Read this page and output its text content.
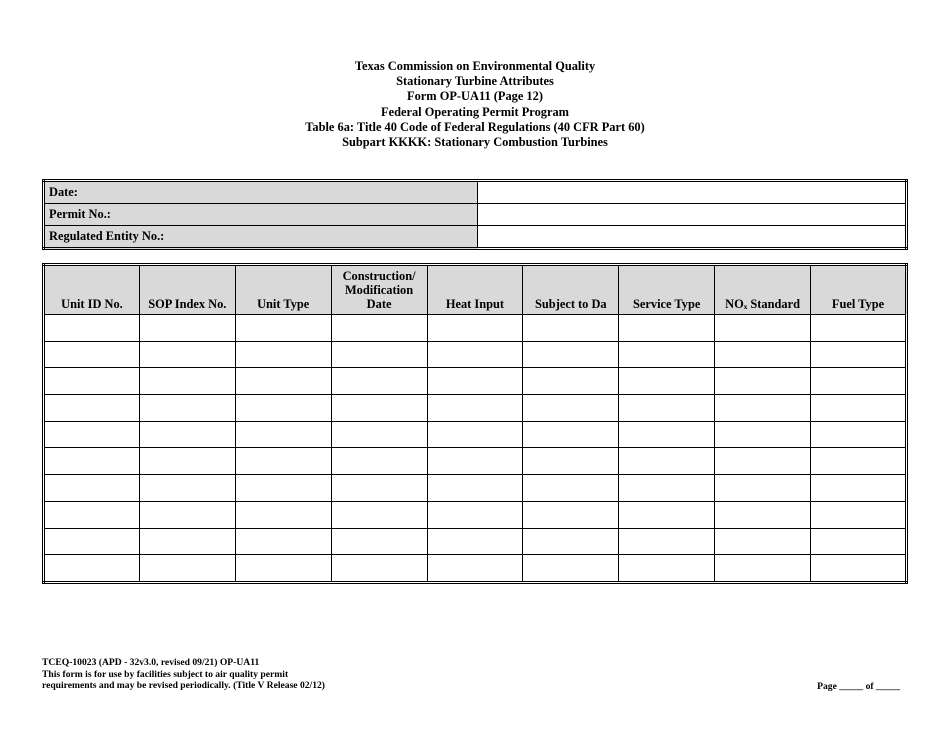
Texas Commission on Environmental Quality
Stationary Turbine Attributes
Form OP-UA11 (Page 12)
Federal Operating Permit Program
Table 6a: Title 40 Code of Federal Regulations (40 CFR Part 60)
Subpart KKKK: Stationary Combustion Turbines
Date:	
Permit No.:	
Regulated Entity No.:	
Unit ID No.	SOP Index No.	Unit Type	Construction/ Modification Date	Heat Input	Subject to Da	Service Type	NOₓ Standard	Fuel Type

TCEQ-10023 (APD - 32v3.0, revised 09/21) OP-UA11
This form is for use by facilities subject to air quality permit
requirements and may be revised periodically. (Title V Release 02/12)	Page _____ of _____
